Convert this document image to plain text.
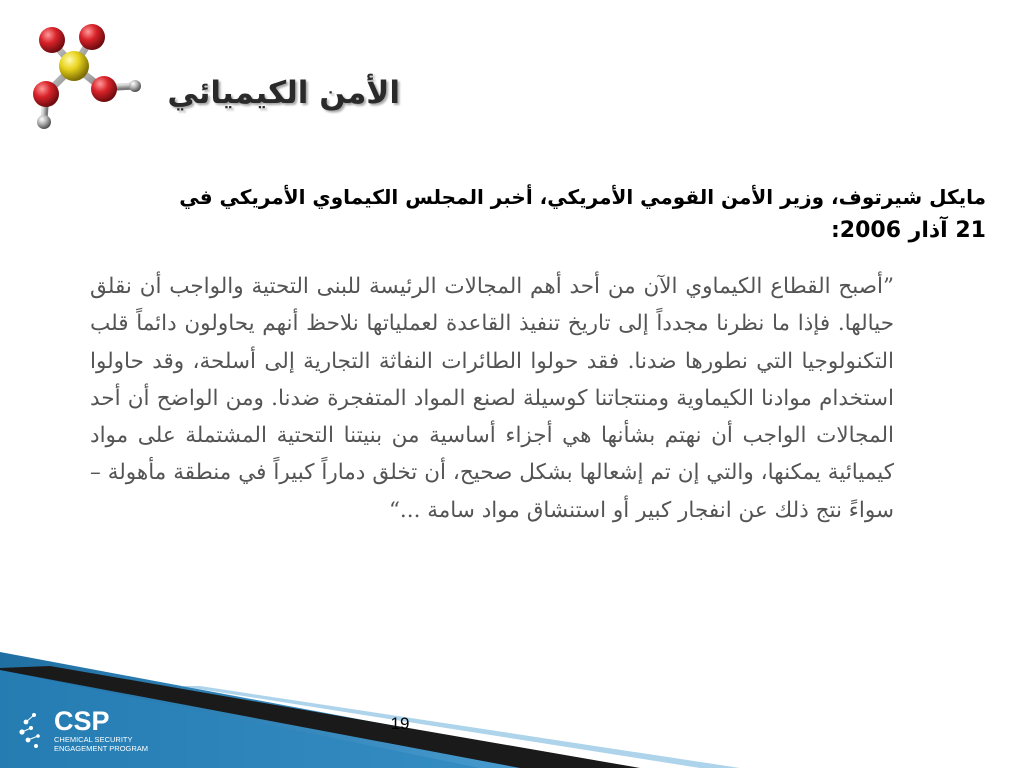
الأمن الكيميائي
مايكل شيرتوف، وزير الأمن القومي الأمريكي، أخبر المجلس الكيماوي الأمريكي في
21 آذار 2006:
”أصبح القطاع الكيماوي الآن من أحد أهم المجالات الرئيسة للبنى التحتية والواجب أن نقلق حيالها. فإذا ما نظرنا مجدداً إلى تاريخ تنفيذ القاعدة لعملياتها نلاحظ أنهم يحاولون دائماً قلب التكنولوجيا التي نطورها ضدنا. فقد حولوا الطائرات النفاثة التجارية إلى أسلحة، وقد حاولوا استخدام موادنا الكيماوية ومنتجاتنا كوسيلة لصنع المواد المتفجرة ضدنا. ومن الواضح أن أحد المجالات الواجب أن نهتم بشأنها هي أجزاء أساسية من بنيتنا التحتية المشتملة على مواد كيميائية يمكنها، والتي إن تم إشعالها بشكل صحيح، أن تخلق دماراً كبيراً في منطقة مأهولة – سواءً نتج ذلك عن انفجار كبير أو استنشاق مواد سامة ...“
CSP
CHEMICAL SECURITY
ENGAGEMENT PROGRAM
19
